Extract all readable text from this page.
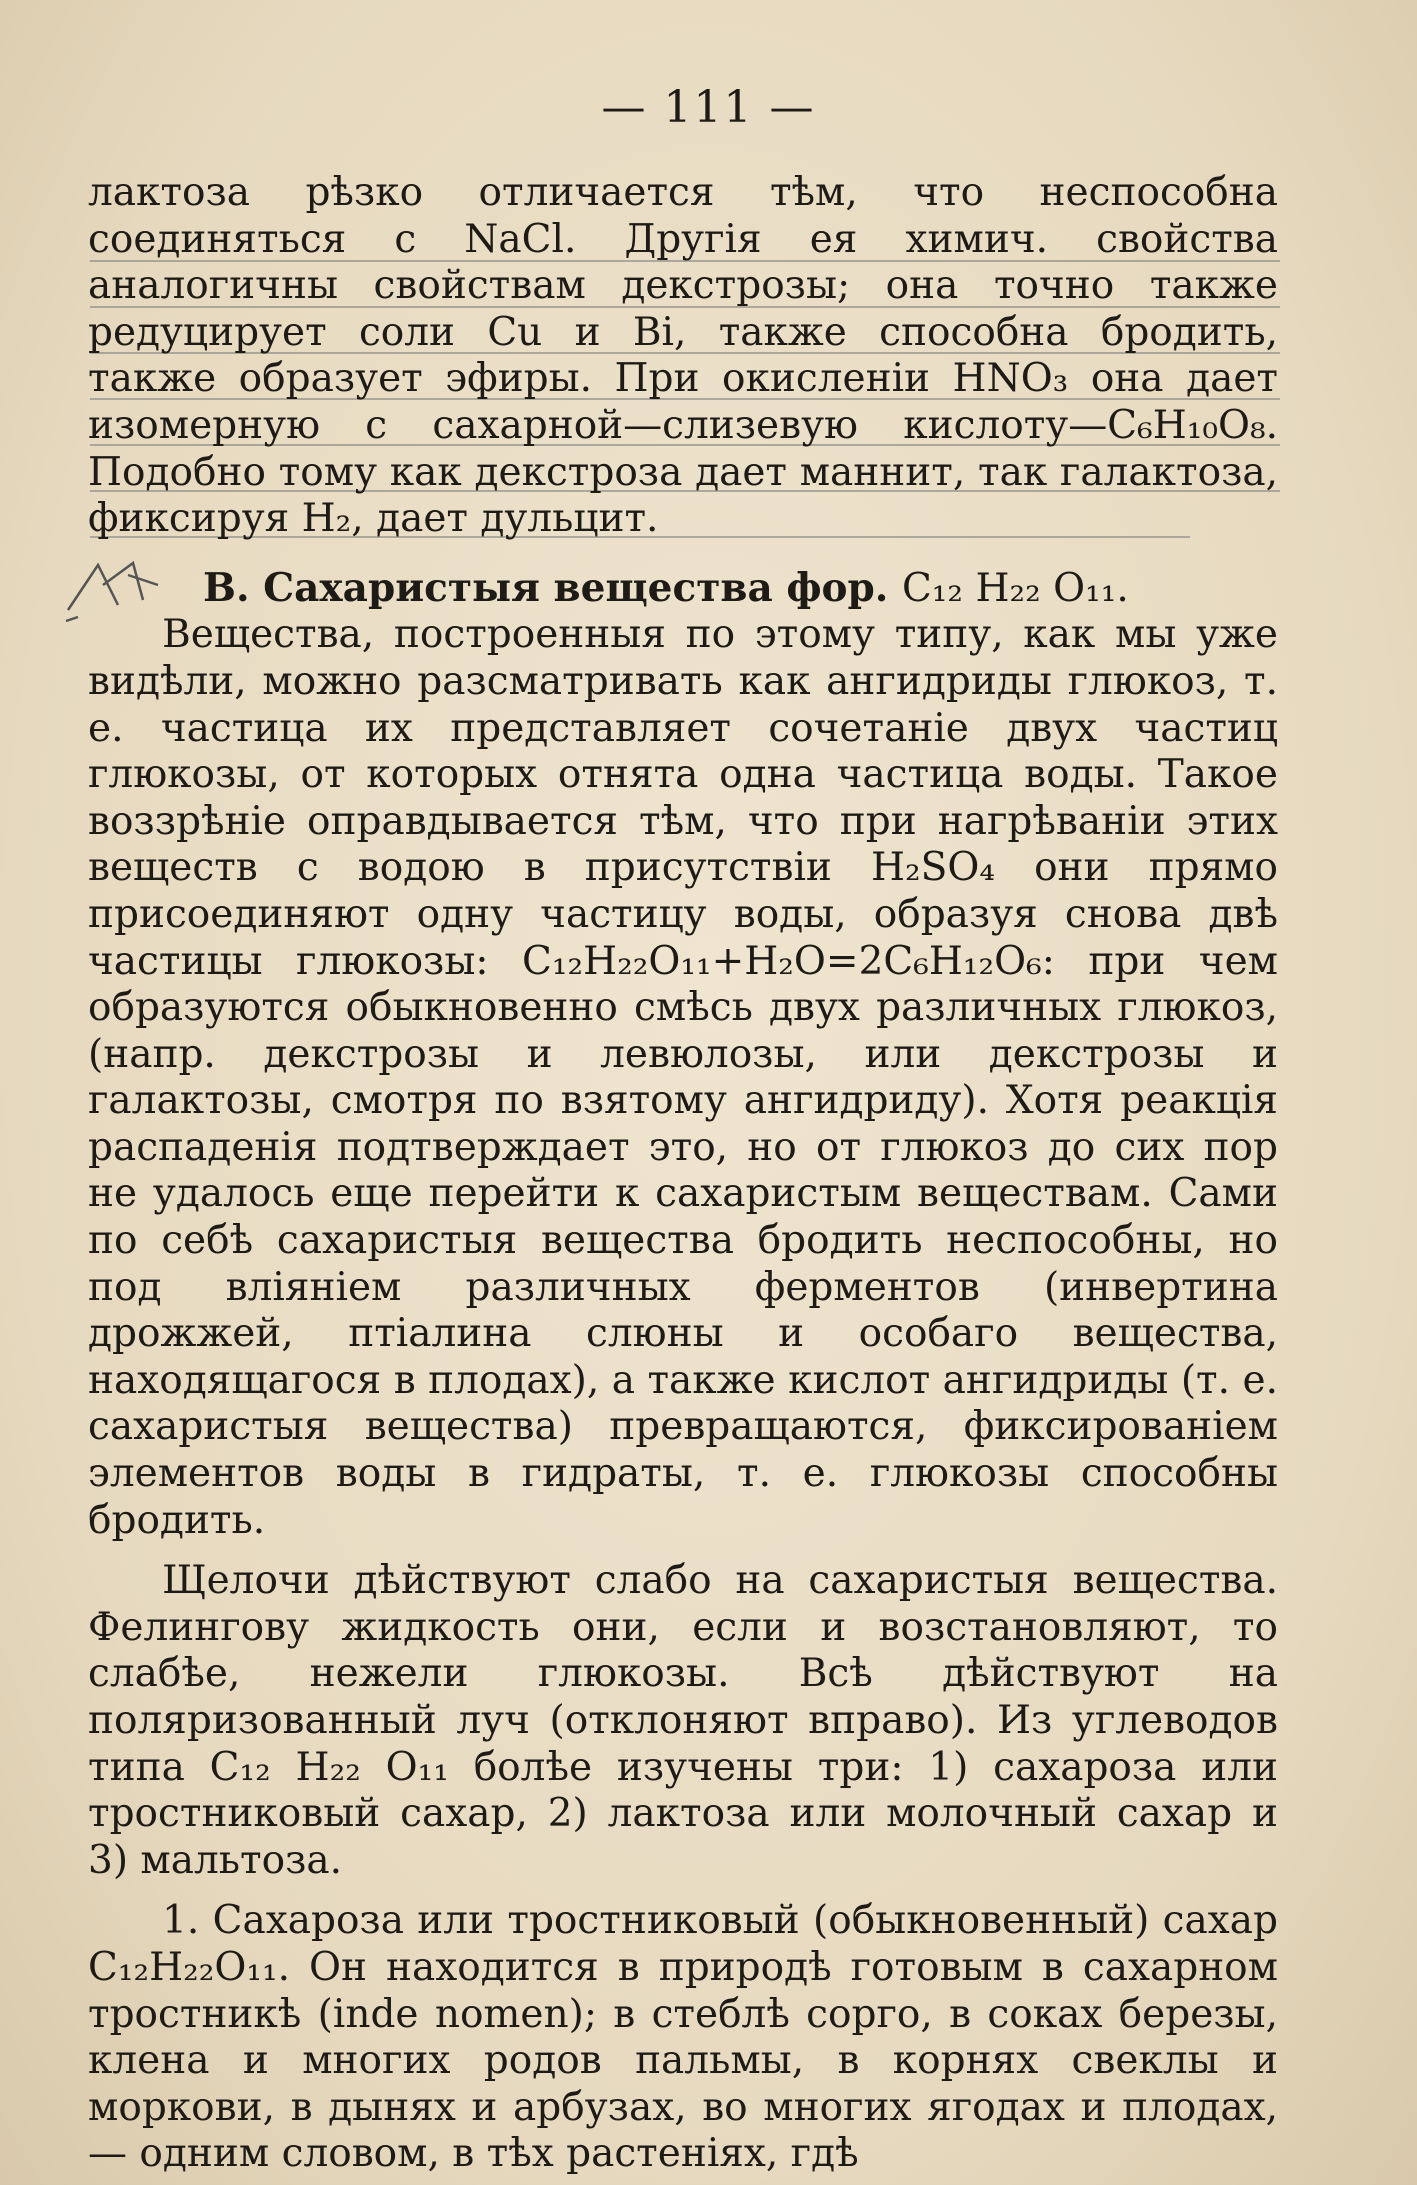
— 111 —

лактоза рѣзко отличается тѣм, что неспособна соединяться с NaCl. Другiя ея химич. свойства аналогичны свойствам декстрозы; она точно также редуцирует соли Cu и Bi, также способна бродить, также образует эфиры. При окисленiи HNO₃ она дает изомерную с сахарной—слизевую кислоту—C₆H₁₀O₈. Подобно тому как декстроза дает маннит, так галактоза, фиксируя H₂, дает дульцит.

B. Сахаристыя вещества фор. C₁₂ H₂₂ O₁₁.

Вещества, построенныя по этому типу, как мы уже видѣли, можно разсматривать как ангидриды глюкоз, т. е. частица их представляет сочетанiе двух частиц глюкозы, от которых отнята одна частица воды. Такое воззрѣнiе оправдывается тѣм, что при нагрѣванiи этих веществ с водою в присутствiи H₂SO₄ они прямо присоединяют одну частицу воды, образуя снова двѣ частицы глюкозы: C₁₂H₂₂O₁₁+H₂O=2C₆H₁₂O₆: при чем образуются обыкновенно смѣсь двух различных глюкоз, (напр. декстрозы и левюлозы, или декстрозы и галактозы, смотря по взятому ангидриду). Хотя реакцiя распаденiя подтверждает это, но от глюкоз до сих пор не удалось еще перейти к сахаристым веществам. Сами по себѣ сахаристыя вещества бродить неспособны, но под влiянiем различных ферментов (инвертина дрожжей, птiалина слюны и особаго вещества, находящагося в плодах), а также кислот ангидриды (т. е. сахаристыя вещества) превращаются, фиксированiем элементов воды в гидраты, т. е. глюкозы способны бродить.

Щелочи дѣйствуют слабо на сахаристыя вещества. Фелингову жидкость они, если и возстановляют, то слабѣе, нежели глюкозы. Всѣ дѣйствуют на поляризованный луч (отклоняют вправо). Из углеводов типа C₁₂ H₂₂ O₁₁ болѣе изучены три: 1) сахароза или тростниковый сахар, 2) лактоза или молочный сахар и 3) мальтоза.

1. Сахароза или тростниковый (обыкновенный) сахар C₁₂H₂₂O₁₁. Он находится в природѣ готовым в сахарном тростникѣ (inde nomen); в стеблѣ сорго, в соках березы, клена и многих родов пальмы, в корнях свеклы и моркови, в дынях и арбузах, во многих ягодах и плодах, — одним словом, в тѣх растенiях, гдѣ
